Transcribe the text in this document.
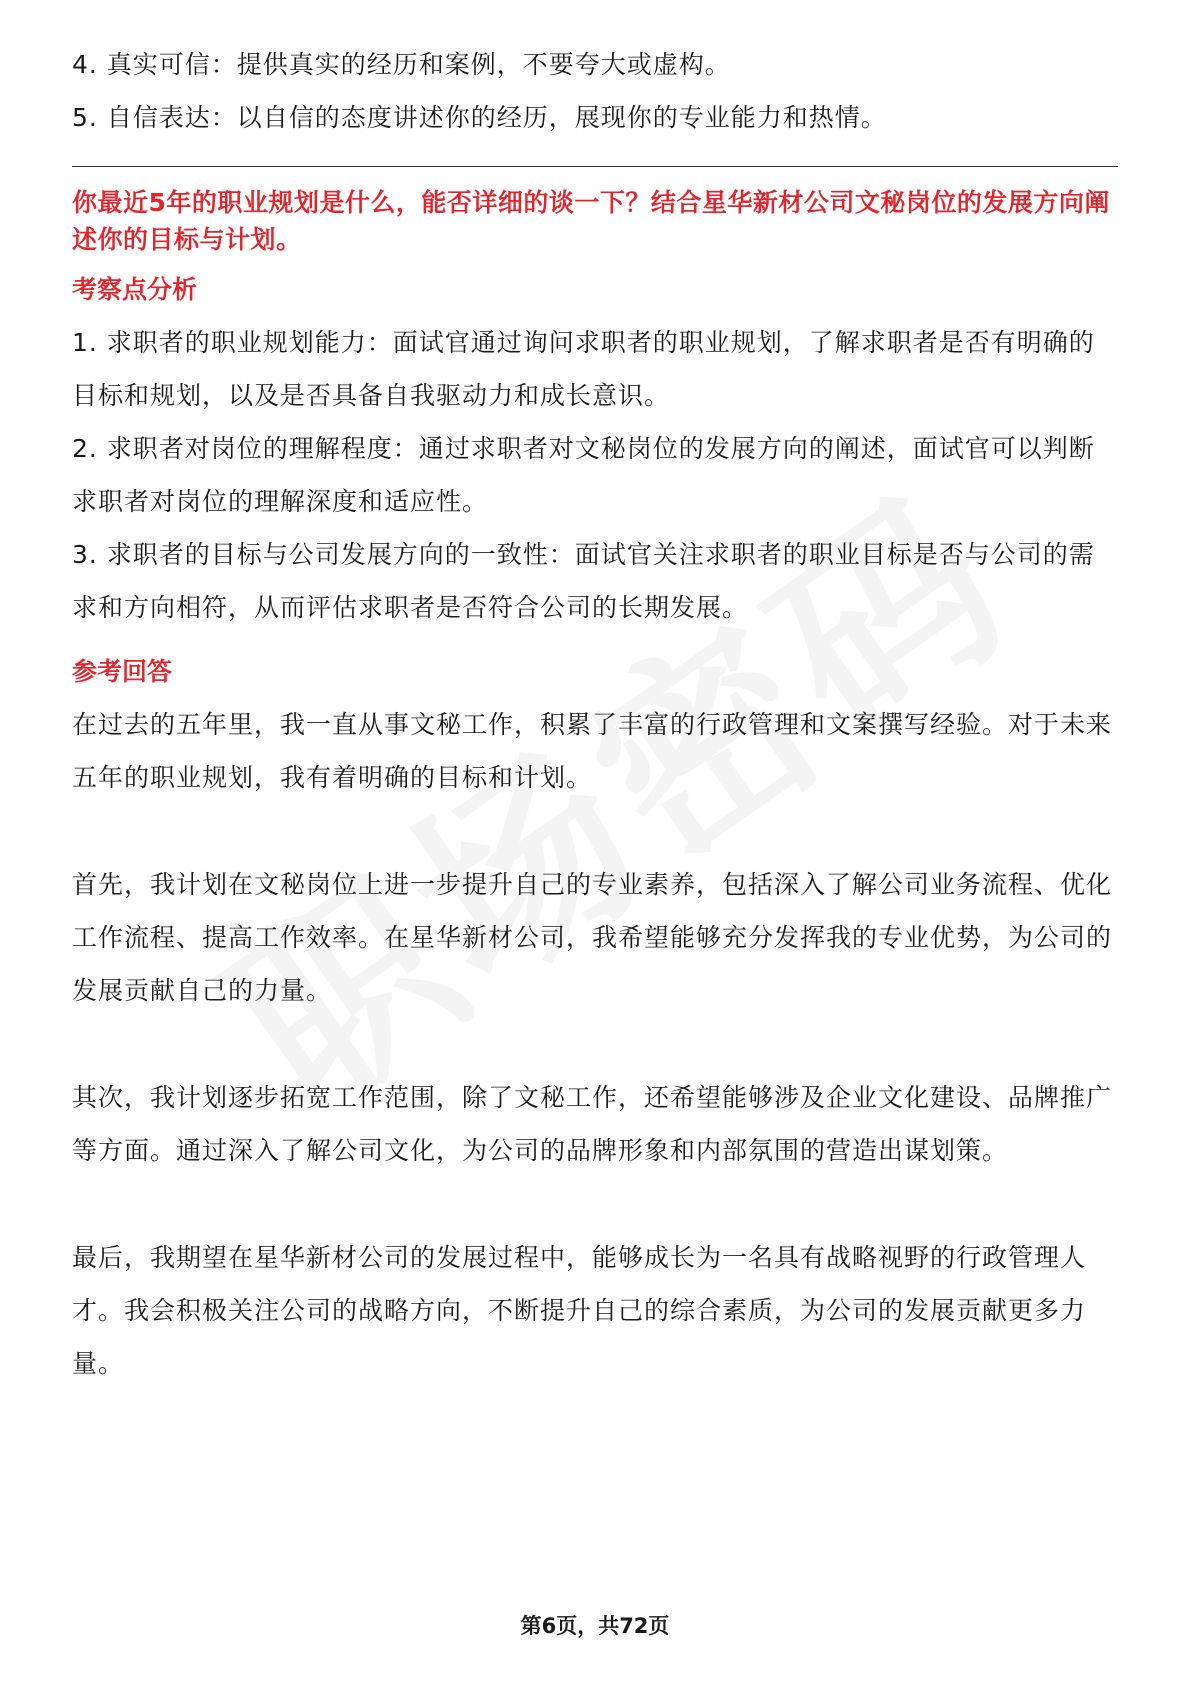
4. 真实可信：提供真实的经历和案例，不要夸大或虚构。

5. 自信表达：以自信的态度讲述你的经历，展现你的专业能力和热情。

你最近5年的职业规划是什么，能否详细的谈一下？结合星华新材公司文秘岗位的发展方向阐述你的目标与计划。

考察点分析

1. 求职者的职业规划能力：面试官通过询问求职者的职业规划，了解求职者是否有明确的目标和规划，以及是否具备自我驱动力和成长意识。

2. 求职者对岗位的理解程度：通过求职者对文秘岗位的发展方向的阐述，面试官可以判断求职者对岗位的理解深度和适应性。

3. 求职者的目标与公司发展方向的一致性：面试官关注求职者的职业目标是否与公司的需求和方向相符，从而评估求职者是否符合公司的长期发展。

参考回答

在过去的五年里，我一直从事文秘工作，积累了丰富的行政管理和文案撰写经验。对于未来五年的职业规划，我有着明确的目标和计划。

首先，我计划在文秘岗位上进一步提升自己的专业素养，包括深入了解公司业务流程、优化工作流程、提高工作效率。在星华新材公司，我希望能够充分发挥我的专业优势，为公司的发展贡献自己的力量。

其次，我计划逐步拓宽工作范围，除了文秘工作，还希望能够涉及企业文化建设、品牌推广等方面。通过深入了解公司文化，为公司的品牌形象和内部氛围的营造出谋划策。

最后，我期望在星华新材公司的发展过程中，能够成长为一名具有战略视野的行政管理人才。我会积极关注公司的战略方向，不断提升自己的综合素质，为公司的发展贡献更多力量。

第6页，共72页
